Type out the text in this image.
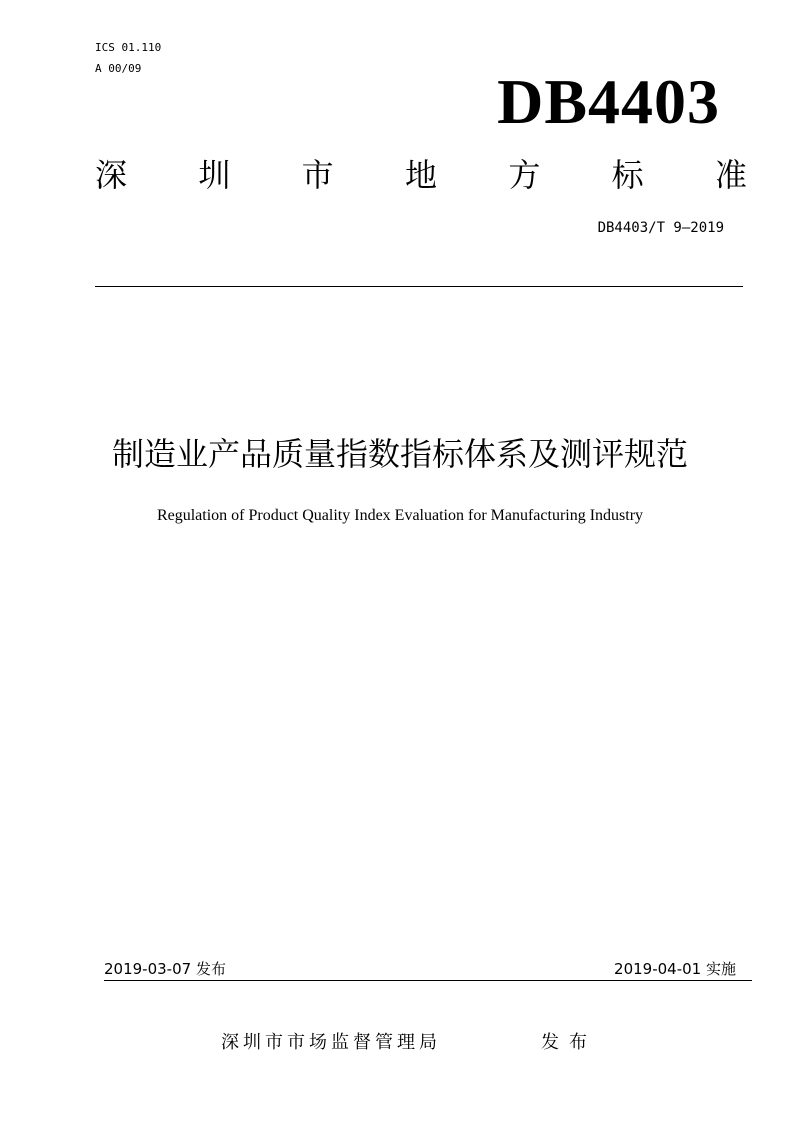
ICS 01.110
A 00/09	DB4403
深 圳 市 地 方 标 准
DB4403/T 9—2019
制造业产品质量指数指标体系及测评规范
Regulation of Product Quality Index Evaluation for Manufacturing Industry
2019-03-07 发布	2019-04-01 实施
深圳市市场监督管理局	发布
